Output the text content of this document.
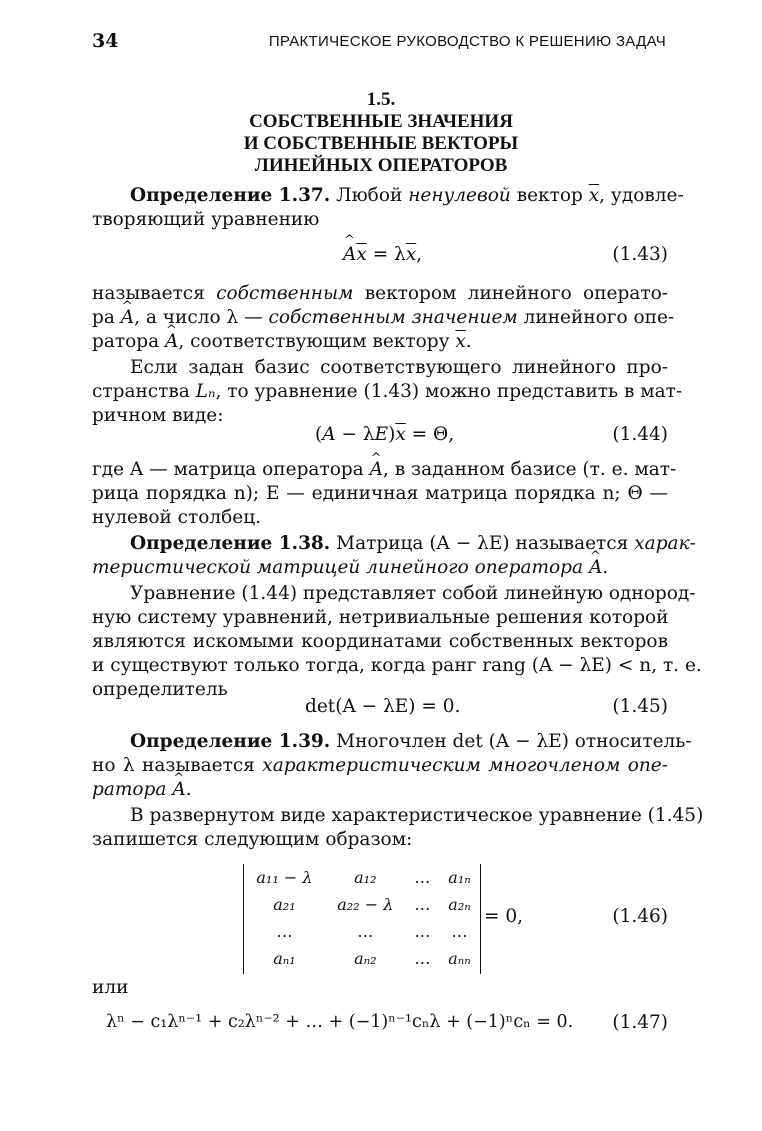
34	ПРАКТИЧЕСКОЕ РУКОВОДСТВО К РЕШЕНИЮ ЗАДАЧ
1.5.
СОБСТВЕННЫЕ ЗНАЧЕНИЯ
И СОБСТВЕННЫЕ ВЕКТОРЫ
ЛИНЕЙНЫХ ОПЕРАТОРОВ
Определение 1.37. Любой ненулевой вектор $\overline{x}$, удовле-
творяющий уравнению
^ $A\overline{x} = \lambda\overline{x}$,	(1.43)
называется собственным вектором линейного операто-
ра ^ A, а число λ — собственным значением линейного опе-
ратора ^ A, соответствующим вектору $\overline{x}$.
Если задан базис соответствующего линейного про-
странства Lₙ, то уравнение (1.43) можно представить в мат-
ричном виде:
$(A - \lambda E)\overline{x} = \Theta$,	(1.44)
где A — матрица оператора ^ A, в заданном базисе (т. е. мат-
рица порядка n); E — единичная матрица порядка n; Θ —
нулевой столбец.
Определение 1.38. Матрица (A − λE) называется харак-
теристической матрицей линейного оператора ^ A.
Уравнение (1.44) представляет собой линейную однород-
ную систему уравнений, нетривиальные решения которой
являются искомыми координатами собственных векторов
и существуют только тогда, когда ранг rang (A − λE) < n, т. е.
определитель
det(A − λE) = 0.	(1.45)
Определение 1.39. Многочлен det (A − λE) относитель-
но λ называется характеристическим многочленом опе-
ратора ^ A.
В развернутом виде характеристическое уравнение (1.45)
запишется следующим образом:
a₁₁ − λ	a₁₂	…	a₁ₙ
a₂₁	a₂₂ − λ	…	a₂ₙ
…	…	…	…
aₙ₁	aₙ₂	…	aₙₙ
= 0,	(1.46)
или
λⁿ − c₁λⁿ⁻¹ + c₂λⁿ⁻² + … + (−1)ⁿ⁻¹cₙλ + (−1)ⁿcₙ = 0. (1.47)
